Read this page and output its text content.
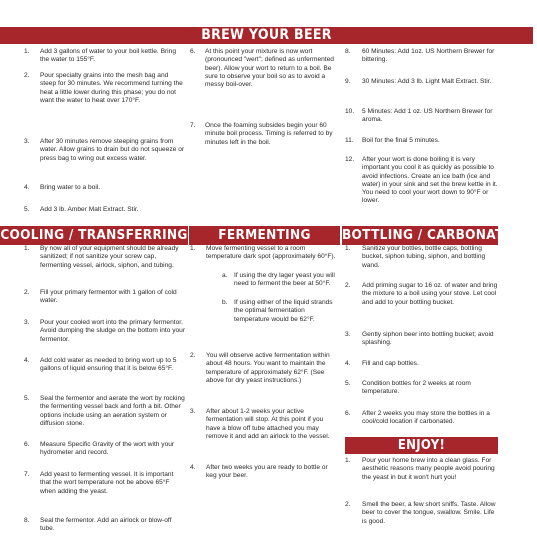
BREW YOUR BEER
COOLING / TRANSFERRING	FERMENTING	BOTTLING / CARBONATING
ENJOY!
1. Add 3 gallons of water to your boil kettle. Bring the water to 155°F.
2. Pour specialty grains into the mesh bag and steep for 30 minutes. We recommend turning the heat a little lower during this phase; you do not want the water to heat over 170°F.
3. After 30 minutes remove steeping grains from water. Allow grains to drain but do not squeeze or press bag to wring out excess water.
4. Bring water to a boil.
5. Add 3 lb. Amber Malt Extract. Stir.
6. At this point your mixture is now wort (pronounced "wert"; defined as unfermented beer). Allow your wort to return to a boil. Be sure to observe your boil so as to avoid a messy boil-over.
7. Once the foaming subsides begin your 60 minute boil process. Timing is referred to by minutes left in the boil.
8. 60 Minutes: Add 1oz. US Northern Brewer for bittering.
9. 30 Minutes: Add 3 lb. Light Malt Extract. Stir.
10. 5 Minutes: Add 1 oz. US Northern Brewer for aroma.
11. Boil for the final 5 minutes.
12. After your wort is done boiling it is very important you cool it as quickly as possible to avoid infections. Create an ice bath (ice and water) in your sink and set the brew kettle in it. You need to cool your wort down to 90°F or lower.
1. By now all of your equipment should be already sanitized; if not sanitize your screw cap, fermenting vessel, airlock, siphon, and tubing.
2. Fill your primary fermentor with 1 gallon of cold water.
3. Pour your cooled wort into the primary fermentor. Avoid dumping the sludge on the bottom into your fermentor.
4. Add cold water as needed to bring wort up to 5 gallons of liquid ensuring that it is below 65°F.
5. Seal the fermentor and aerate the wort by rocking the fermenting vessel back and forth a bit. Other options include using an aeration system or diffusion stone.
6. Measure Specific Gravity of the wort with your hydrometer and record.
7. Add yeast to fermenting vessel. It is important that the wort temperature not be above 65°F when adding the yeast.
8. Seal the fermentor. Add an airlock or blow-off tube.
1. Move fermenting vessel to a room temperature dark spot (approximately 60°F).
a. If using the dry lager yeast you will need to ferment the beer at 50°F.
b. If using either of the liquid strands the optimal fermentation temperature would be 62°F.
2. You will observe active fermentation within about 48 hours. You want to maintain the temperature of approximately 62°F. (See above for dry yeast instructions.)
3. After about 1-2 weeks your active fermentation will stop. At this point if you have a blow off tube attached you may remove it and add an airlock to the vessel.
4. After two weeks you are ready to bottle or keg your beer.
1. Sanitize your bottles, bottle caps, bottling bucket, siphon tubing, siphon, and bottling wand.
2. Add priming sugar to 16 oz. of water and bring the mixture to a boil using your stove. Let cool and add to your bottling bucket.
3. Gently siphon beer into bottling bucket; avoid splashing.
4. Fill and cap bottles.
5. Condition bottles for 2 weeks at room temperature.
6. After 2 weeks you may store the bottles in a cool/cold location if carbonated.
1. Pour your home brew into a clean glass. For aesthetic reasons many people avoid pouring the yeast in but it won't hurt you!
2. Smell the beer, a few short sniffs. Taste. Allow beer to cover the tongue, swallow. Smile. Life is good.
